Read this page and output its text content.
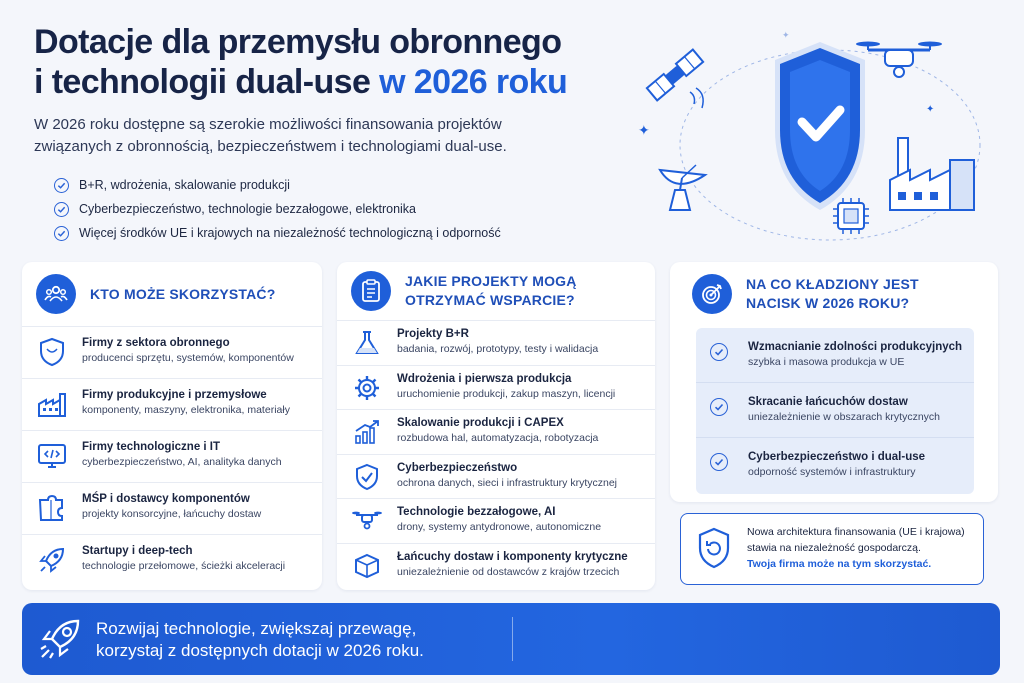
Dotacje dla przemysłu obronnego
i technologii dual-use w 2026 roku
W 2026 roku dostępne są szerokie możliwości finansowania projektów
związanych z obronnością, bezpieczeństwem i technologiami dual-use.
B+R, wdrożenia, skalowanie produkcji
Cyberbezpieczeństwo, technologie bezzałogowe, elektronika
Więcej środków UE i krajowych na niezależność technologiczną i odporność
✦
✦
✦
KTO MOŻE SKORZYSTAĆ?
Firmy z sektora obronnego
producenci sprzętu, systemów, komponentów
Firmy produkcyjne i przemysłowe
komponenty, maszyny, elektronika, materiały
Firmy technologiczne i IT
cyberbezpieczeństwo, AI, analityka danych
MŚP i dostawcy komponentów
projekty konsorcyjne, łańcuchy dostaw
Startupy i deep-tech
technologie przełomowe, ścieżki akceleracji
JAKIE PROJEKTY MOGĄ
OTRZYMAĆ WSPARCIE?
Projekty B+R
badania, rozwój, prototypy, testy i walidacja
Wdrożenia i pierwsza produkcja
uruchomienie produkcji, zakup maszyn, licencji
Skalowanie produkcji i CAPEX
rozbudowa hal, automatyzacja, robotyzacja
Cyberbezpieczeństwo
ochrona danych, sieci i infrastruktury krytycznej
Technologie bezzałogowe, AI
drony, systemy antydronowe, autonomiczne
Łańcuchy dostaw i komponenty krytyczne
uniezależnienie od dostawców z krajów trzecich
NA CO KŁADZIONY JEST
NACISK W 2026 ROKU?
Wzmacnianie zdolności produkcyjnych
szybka i masowa produkcja w UE
Skracanie łańcuchów dostaw
uniezależnienie w obszarach krytycznych
Cyberbezpieczeństwo i dual-use
odporność systemów i infrastruktury
Nowa architektura finansowania (UE i krajowa)
stawia na niezależność gospodarczą.
Twoja firma może na tym skorzystać.
Rozwijaj technologie, zwiększaj przewagę,
korzystaj z dostępnych dotacji w 2026 roku.
